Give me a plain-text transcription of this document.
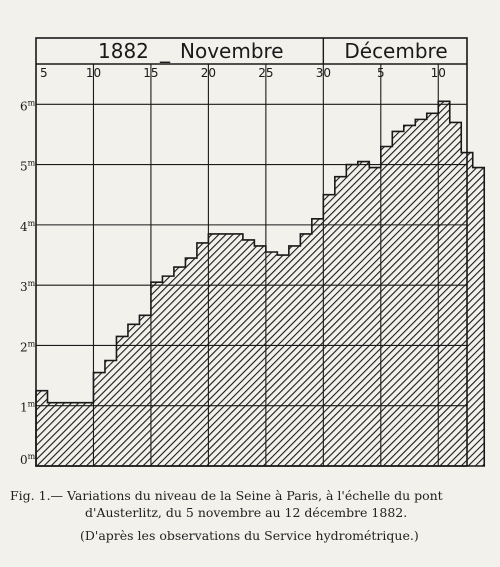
5	10	15	20	25	30	5	10
0$^m$
1$^m$
2$^m$
3$^m$
4$^m$
5$^m$
6$^m$
1882 _ Novembre	Décembre
Fig. 1.— Variations du niveau de la Seine à Paris, à l'échelle du pont
d'Austerlitz, du 5 novembre au 12 décembre 1882.
(D'après les observations du Service hydrométrique.)
